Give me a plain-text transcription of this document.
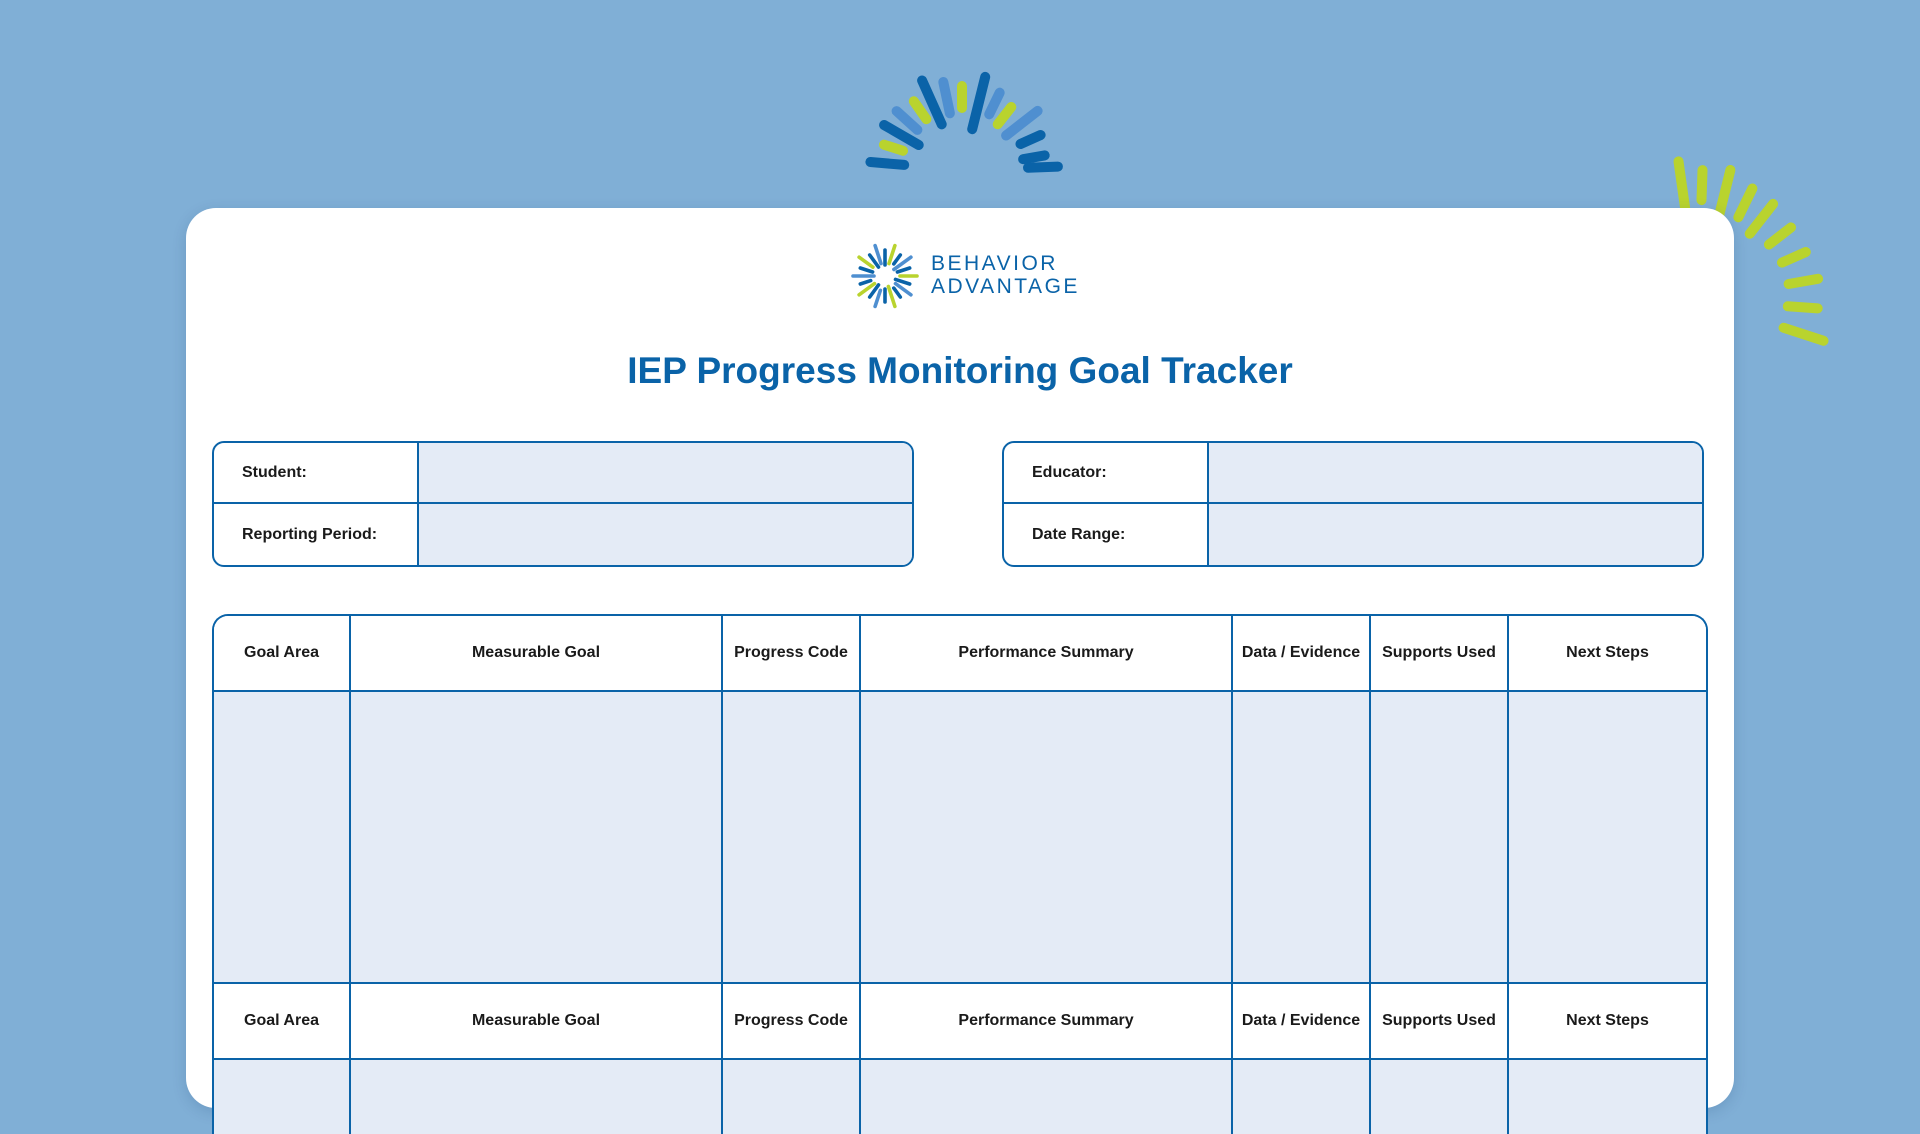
BEHAVIOR
ADVANTAGE
IEP Progress Monitoring Goal Tracker
Student:
Reporting Period:
Educator:
Date Range:
Goal Area	Measurable Goal	Progress Code	Performance Summary	Data / Evidence	Supports Used	Next Steps

Goal Area	Measurable Goal	Progress Code	Performance Summary	Data / Evidence	Supports Used	Next Steps
